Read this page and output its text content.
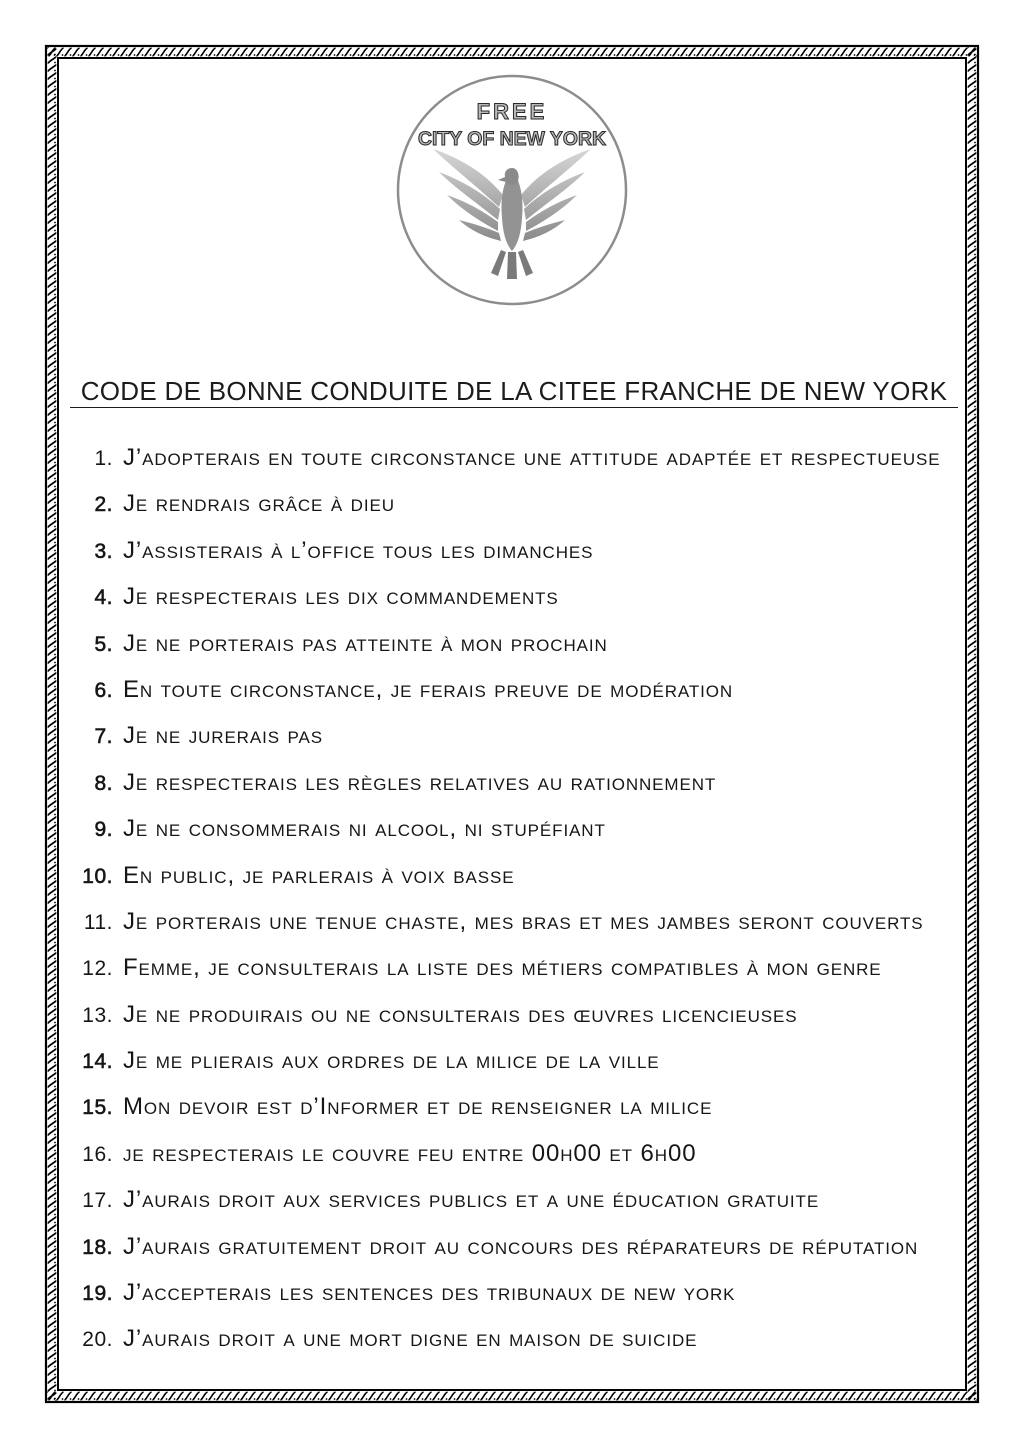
FREE
CITY OF NEW YORK
CODE DE BONNE CONDUITE DE LA CITEE FRANCHE DE NEW YORK
1. J’adopterais en toute circonstance une attitude adaptée et respectueuse
2. Je rendrais grâce à dieu
3. J’assisterais à l’office tous les dimanches
4. Je respecterais les dix commandements
5. Je ne porterais pas atteinte à mon prochain
6. En toute circonstance, je ferais preuve de modération
7. Je ne jurerais pas
8. Je respecterais les règles relatives au rationnement
9. Je ne consommerais ni alcool, ni stupéfiant
10. En public, je parlerais à voix basse
11. Je porterais une tenue chaste, mes bras et mes jambes seront couverts
12. Femme, je consulterais la liste des métiers compatibles à mon genre
13. Je ne produirais ou ne consulterais des œuvres licencieuses
14. Je me plierais aux ordres de la milice de la ville
15. Mon devoir est d’Informer et de renseigner la milice
16. je respecterais le couvre feu entre 00h00 et 6h00
17. J’aurais droit aux services publics et a une éducation gratuite
18. J’aurais gratuitement droit au concours des réparateurs de réputation
19. J’accepterais les sentences des tribunaux de new york
20. J’aurais droit a une mort digne en maison de suicide
